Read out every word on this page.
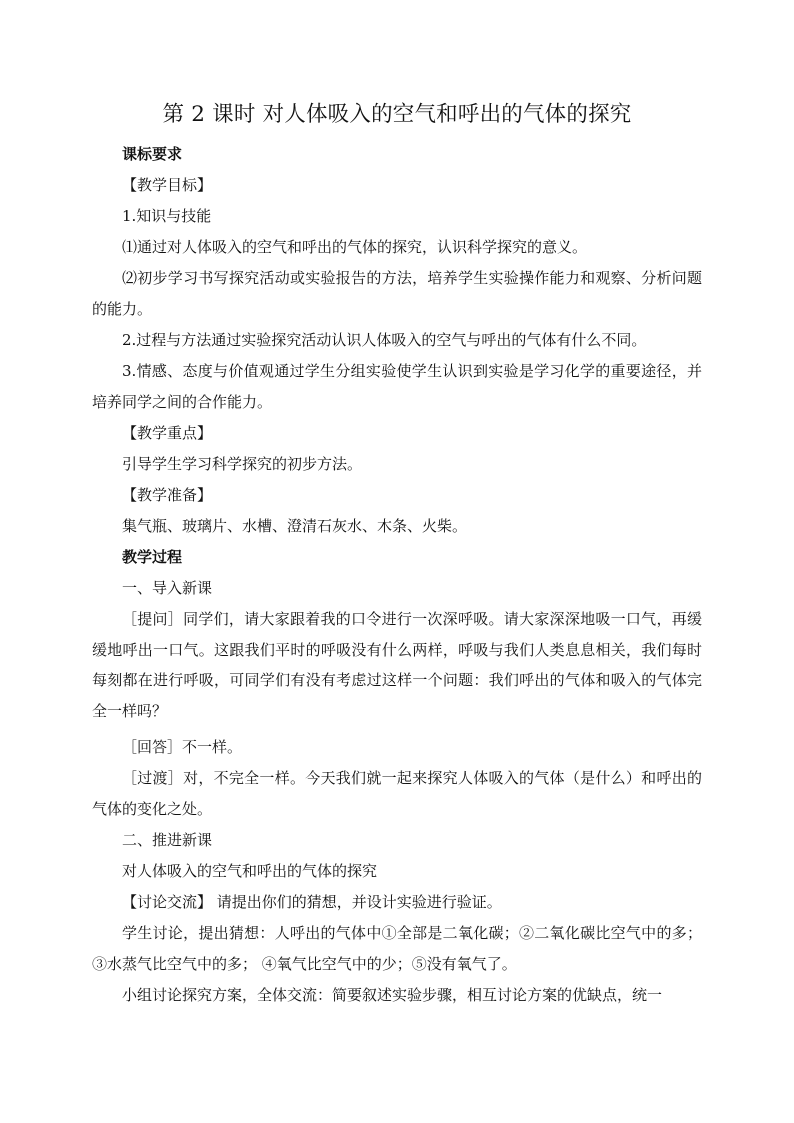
第 2 课时 对人体吸入的空气和呼出的气体的探究
课标要求
【教学目标】
1.知识与技能
⑴通过对人体吸入的空气和呼出的气体的探究，认识科学探究的意义。
⑵初步学习书写探究活动或实验报告的方法，培养学生实验操作能力和观察、分析问题的能力。
2.过程与方法通过实验探究活动认识人体吸入的空气与呼出的气体有什么不同。
3.情感、态度与价值观通过学生分组实验使学生认识到实验是学习化学的重要途径，并培养同学之间的合作能力。
【教学重点】
引导学生学习科学探究的初步方法。
【教学准备】
集气瓶、玻璃片、水槽、澄清石灰水、木条、火柴。
教学过程
一、导入新课
［提问］同学们，请大家跟着我的口令进行一次深呼吸。请大家深深地吸一口气，再缓缓地呼出一口气。这跟我们平时的呼吸没有什么两样，呼吸与我们人类息息相关，我们每时每刻都在进行呼吸，可同学们有没有考虑过这样一个问题：我们呼出的气体和吸入的气体完全一样吗？
［回答］不一样。
［过渡］对，不完全一样。今天我们就一起来探究人体吸入的气体（是什么）和呼出的气体的变化之处。
二、推进新课
对人体吸入的空气和呼出的气体的探究
【讨论交流】 请提出你们的猜想，并设计实验进行验证。
学生讨论，提出猜想：人呼出的气体中①全部是二氧化碳；②二氧化碳比空气中的多；③水蒸气比空气中的多； ④氧气比空气中的少；⑤没有氧气了。
小组讨论探究方案，全体交流：简要叙述实验步骤，相互讨论方案的优缺点，统一
